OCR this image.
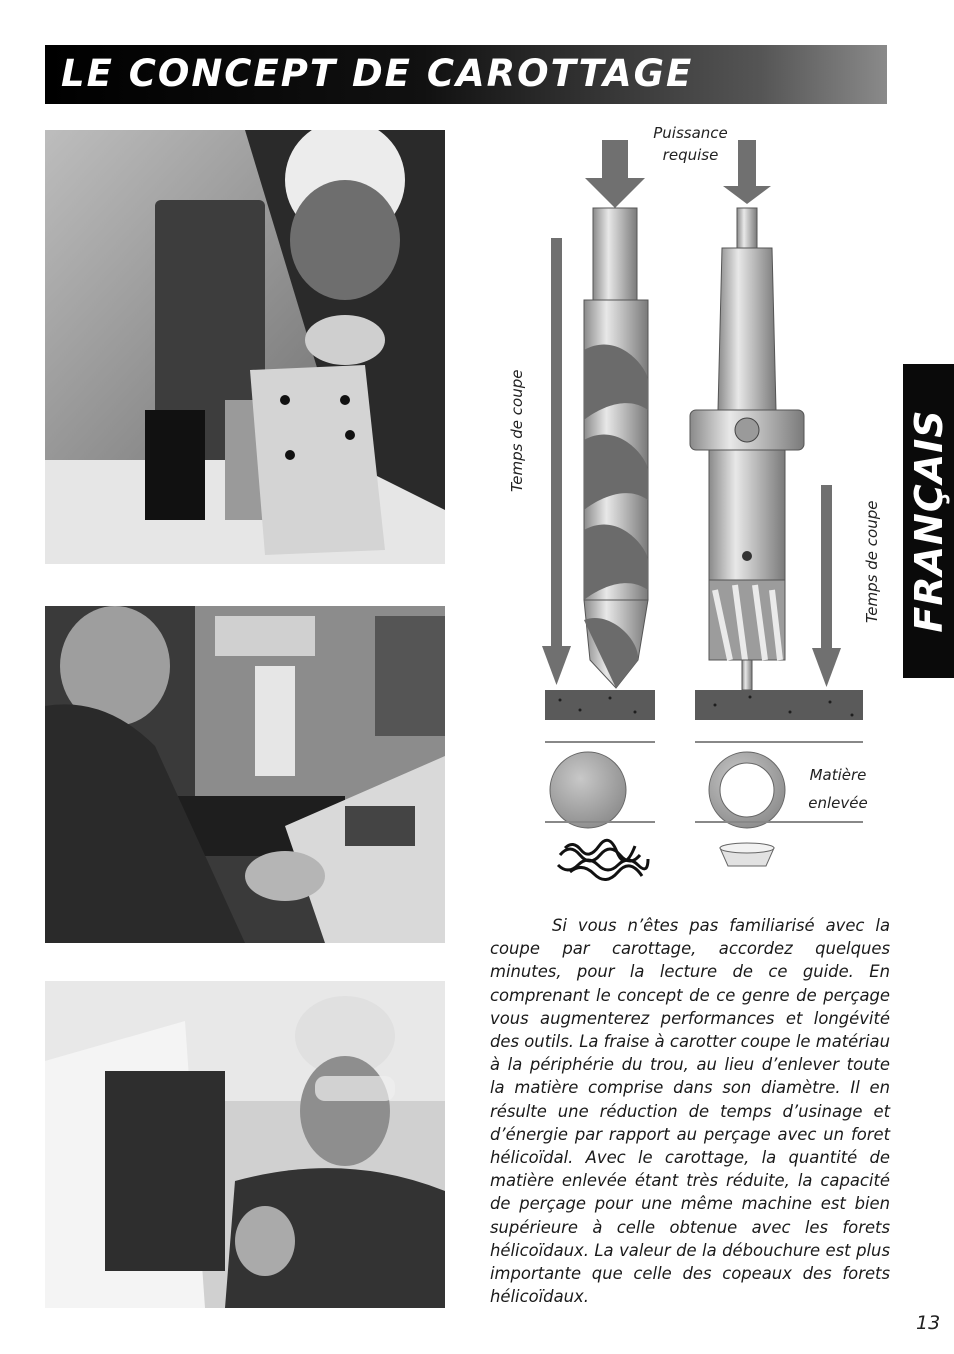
LE CONCEPT DE CAROTTAGE
Puissance
requise
Temps de coupe
Temps de coupe
Matière
enlevée
FRANÇAIS
Si vous n’êtes pas familiarisé avec la coupe par carottage, accordez quelques minutes, pour la lecture de ce guide. En comprenant le concept de ce genre de perçage vous augmenterez performances et longévité des outils. La fraise à carotter coupe le matériau à la périphérie du trou, au lieu d’enlever toute la matière comprise dans son diamètre. Il en résulte une réduction de temps d’usinage et d’énergie par rapport au perçage avec un foret hélicoïdal. Avec le carottage, la quantité de matière enlevée étant très réduite, la capacité de perçage pour une même machine est bien supérieure à celle obtenue avec les forets hélicoïdaux. La valeur de la débouchure est plus importante que celle des copeaux des forets hélicoïdaux.
13
